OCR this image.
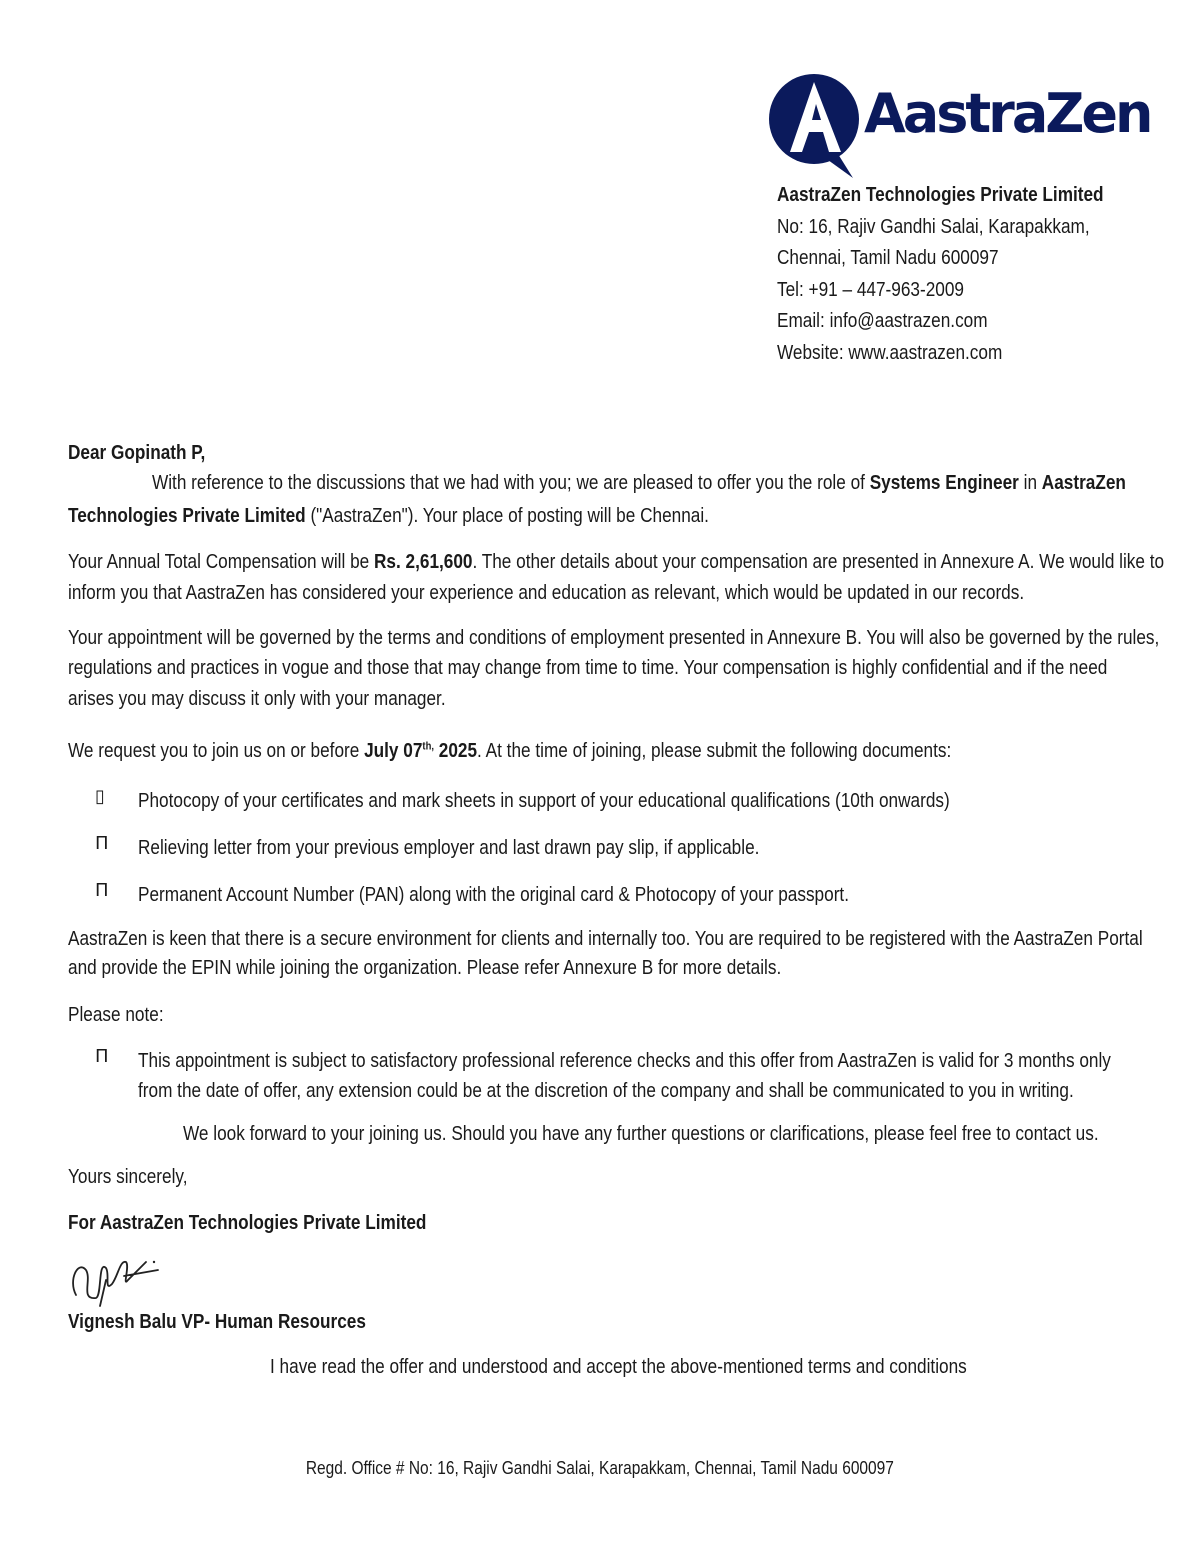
AastraZen
AastraZen Technologies Private Limited
No: 16, Rajiv Gandhi Salai, Karapakkam,
Chennai, Tamil Nadu 600097
Tel: +91 – 447-963-2009
Email: info@aastrazen.com
Website: www.aastrazen.com
Dear Gopinath P,
With reference to the discussions that we had with you; we are pleased to offer you the role of Systems Engineer in AastraZen
Technologies Private Limited ("AastraZen"). Your place of posting will be Chennai.
Your Annual Total Compensation will be Rs. 2,61,600. The other details about your compensation are presented in Annexure A. We would like to
inform you that AastraZen has considered your experience and education as relevant, which would be updated in our records.
Your appointment will be governed by the terms and conditions of employment presented in Annexure B. You will also be governed by the rules,
regulations and practices in vogue and those that may change from time to time. Your compensation is highly confidential and if the need
arises you may discuss it only with your manager.
We request you to join us on or before July $07^{th,}$ 2025. At the time of joining, please submit the following documents:
▯ Photocopy of your certificates and mark sheets in support of your educational qualifications (10th onwards)
П Relieving letter from your previous employer and last drawn pay slip, if applicable.
П Permanent Account Number (PAN) along with the original card & Photocopy of your passport.
AastraZen is keen that there is a secure environment for clients and internally too. You are required to be registered with the AastraZen Portal
and provide the EPIN while joining the organization. Please refer Annexure B for more details.
Please note:
П This appointment is subject to satisfactory professional reference checks and this offer from AastraZen is valid for 3 months only
from the date of offer, any extension could be at the discretion of the company and shall be communicated to you in writing.
We look forward to your joining us. Should you have any further questions or clarifications, please feel free to contact us.
Yours sincerely,
For AastraZen Technologies Private Limited
Vignesh Balu VP- Human Resources
I have read the offer and understood and accept the above-mentioned terms and conditions
Regd. Office # No: 16, Rajiv Gandhi Salai, Karapakkam, Chennai, Tamil Nadu 600097
